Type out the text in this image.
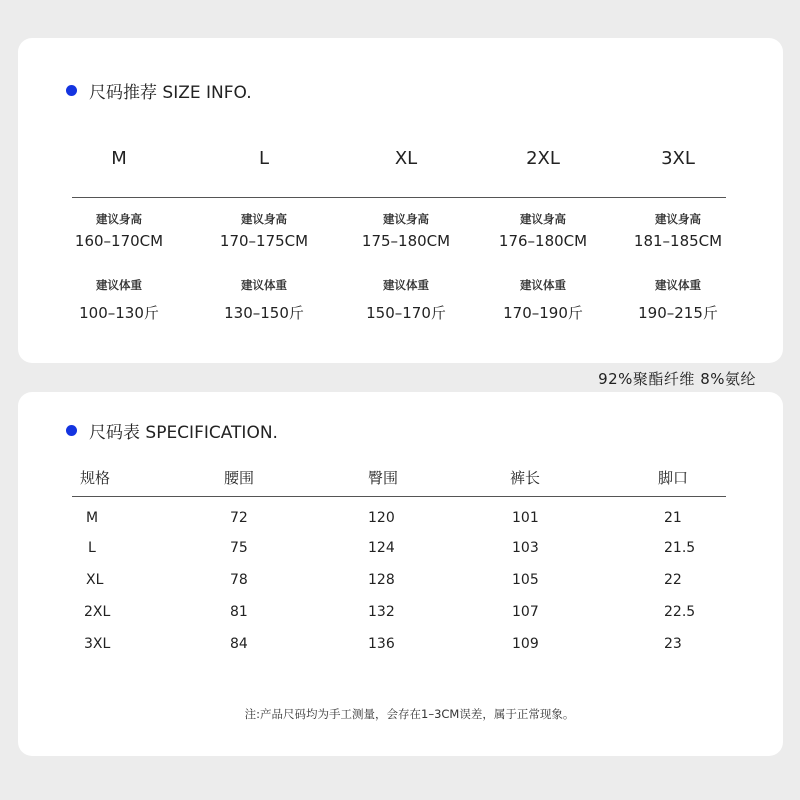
尺码推荐 SIZE INFO.
M	L	XL	2XL	3XL
建议身高	建议身高	建议身高	建议身高	建议身高
160–170CM	170–175CM	175–180CM	176–180CM	181–185CM
建议体重	建议体重	建议体重	建议体重	建议体重
100–130斤	130–150斤	150–170斤	170–190斤	190–215斤
92%聚酯纤维 8%氨纶
尺码表 SPECIFICATION.
规格	腰围	臀围	裤长	脚口
M	72	120	101	21
L	75	124	103	21.5
XL	78	128	105	22
2XL	81	132	107	22.5
3XL	84	136	109	23
注:产品尺码均为手工测量，会存在1–3CM误差，属于正常现象。
